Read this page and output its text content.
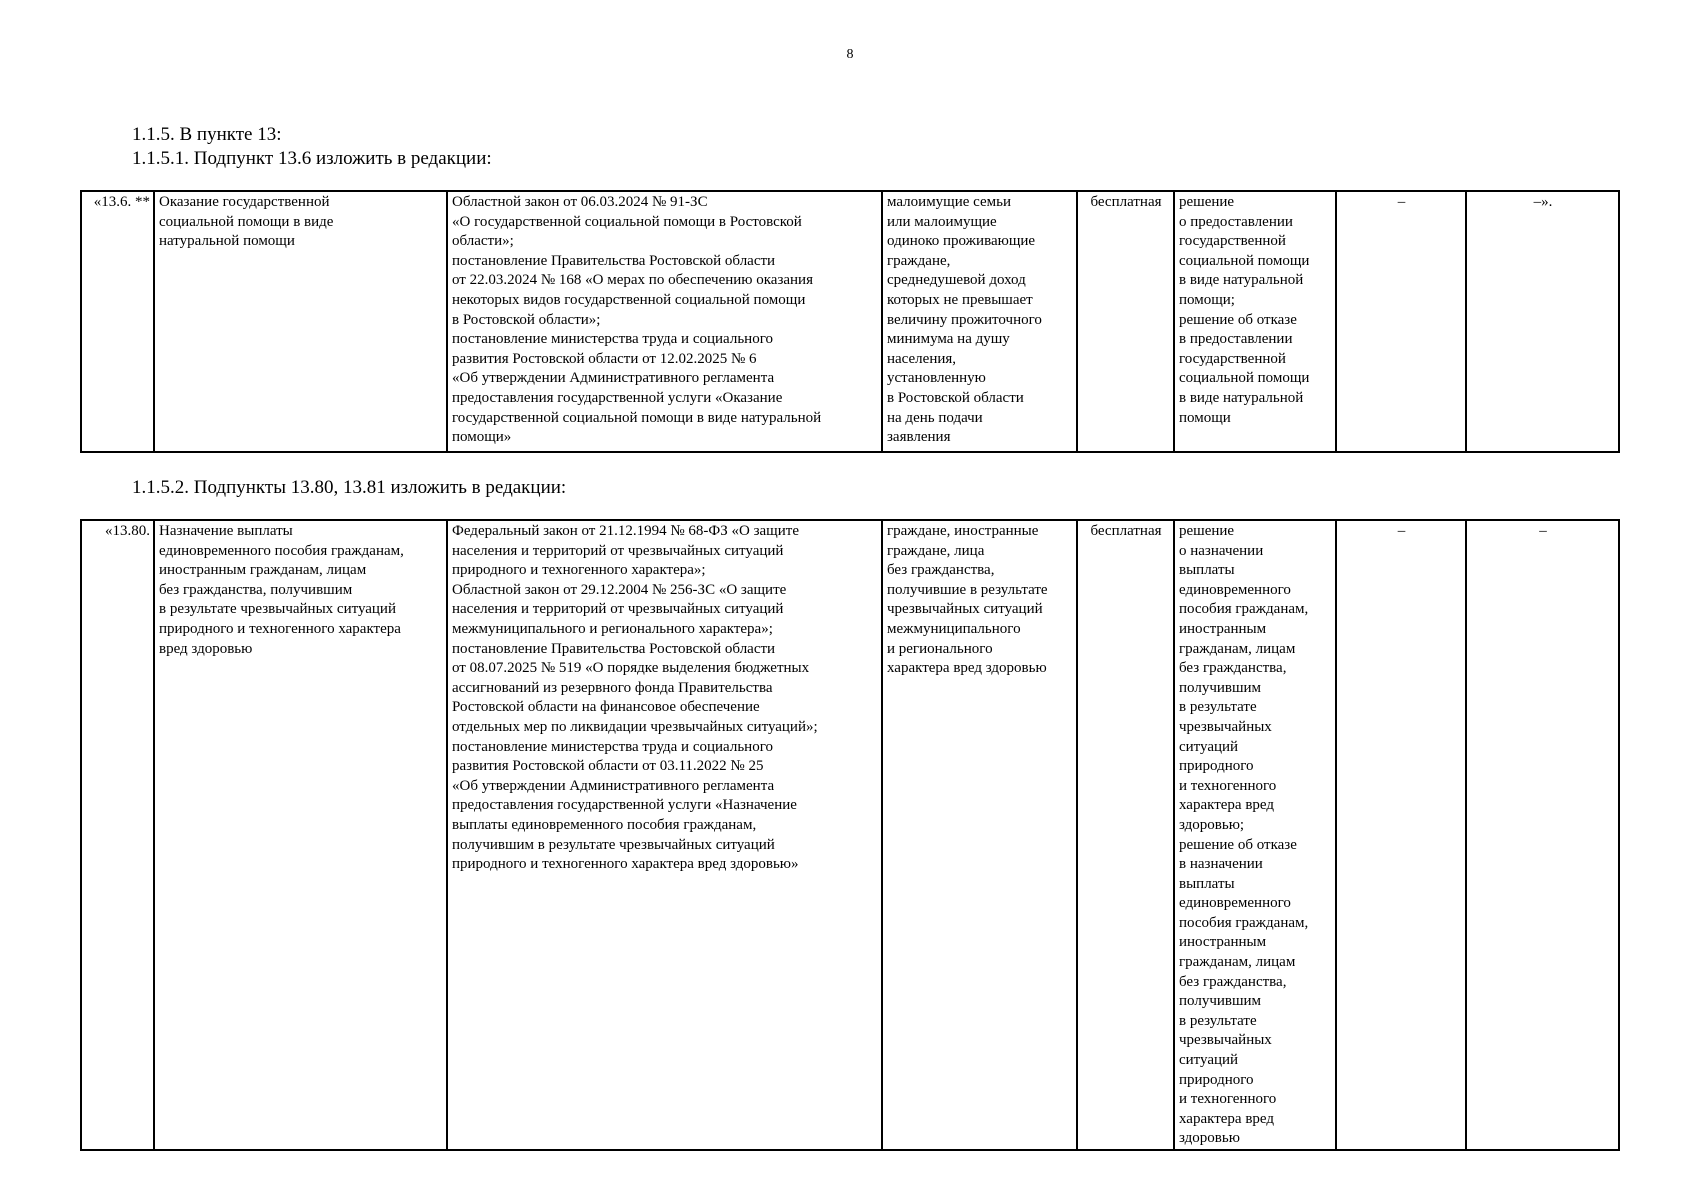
8
1.1.5. В пункте 13:
1.1.5.1. Подпункт 13.6 изложить в редакции:
«13.6. **	Оказание государственной
социальной помощи в виде
натуральной помощи	Областной закон от 06.03.2024 № 91-ЗС
«О государственной социальной помощи в Ростовской
области»;
постановление Правительства Ростовской области
от 22.03.2024 № 168 «О мерах по обеспечению оказания
некоторых видов государственной социальной помощи
в Ростовской области»;
постановление министерства труда и социального
развития Ростовской области от 12.02.2025 № 6
«Об утверждении Административного регламента
предоставления государственной услуги «Оказание
государственной социальной помощи в виде натуральной
помощи»	малоимущие семьи
или малоимущие
одиноко проживающие
граждане,
среднедушевой доход
которых не превышает
величину прожиточного
минимума на душу
населения,
установленную
в Ростовской области
на день подачи
заявления	бесплатная	решение
о предоставлении
государственной
социальной помощи
в виде натуральной
помощи;
решение об отказе
в предоставлении
государственной
социальной помощи
в виде натуральной
помощи	–	–».
1.1.5.2. Подпункты 13.80, 13.81 изложить в редакции:
«13.80.	Назначение выплаты
единовременного пособия гражданам,
иностранным гражданам, лицам
без гражданства, получившим
в результате чрезвычайных ситуаций
природного и техногенного характера
вред здоровью	Федеральный закон от 21.12.1994 № 68-ФЗ «О защите
населения и территорий от чрезвычайных ситуаций
природного и техногенного характера»;
Областной закон от 29.12.2004 № 256-ЗС «О защите
населения и территорий от чрезвычайных ситуаций
межмуниципального и регионального характера»;
постановление Правительства Ростовской области
от 08.07.2025 № 519 «О порядке выделения бюджетных
ассигнований из резервного фонда Правительства
Ростовской области на финансовое обеспечение
отдельных мер по ликвидации чрезвычайных ситуаций»;
постановление министерства труда и социального
развития Ростовской области от 03.11.2022 № 25
«Об утверждении Административного регламента
предоставления государственной услуги «Назначение
выплаты единовременного пособия гражданам,
получившим в результате чрезвычайных ситуаций
природного и техногенного характера вред здоровью»	граждане, иностранные
граждане, лица
без гражданства,
получившие в результате
чрезвычайных ситуаций
межмуниципального
и регионального
характера вред здоровью	бесплатная	решение
о назначении
выплаты
единовременного
пособия гражданам,
иностранным
гражданам, лицам
без гражданства,
получившим
в результате
чрезвычайных
ситуаций
природного
и техногенного
характера вред
здоровью;
решение об отказе
в назначении
выплаты
единовременного
пособия гражданам,
иностранным
гражданам, лицам
без гражданства,
получившим
в результате
чрезвычайных
ситуаций
природного
и техногенного
характера вред
здоровью	–	–
